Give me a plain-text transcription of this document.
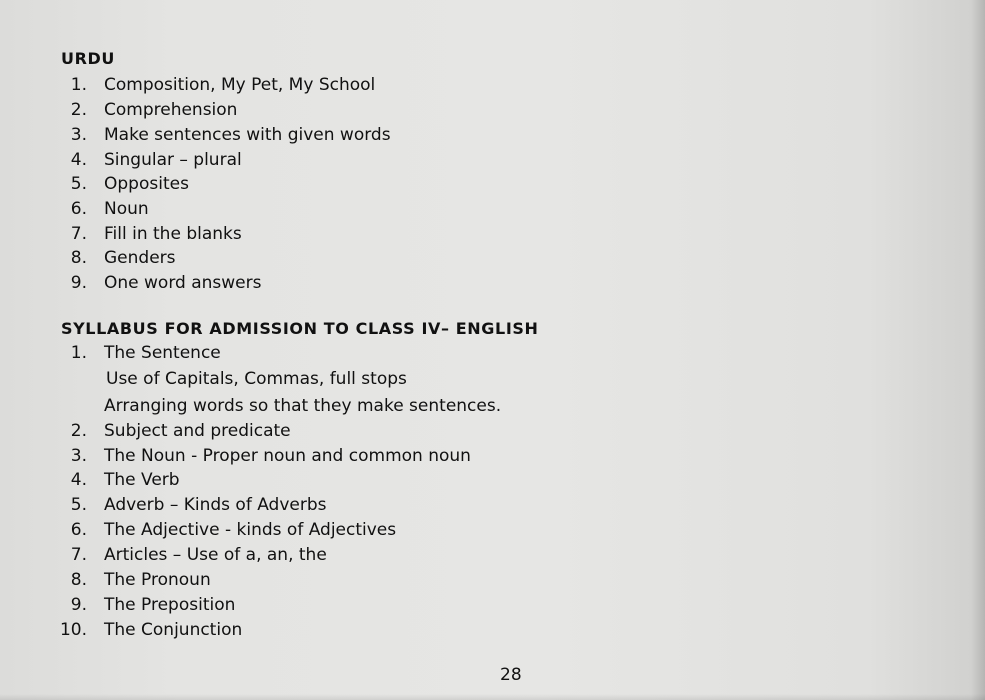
URDU
1. Composition, My Pet, My School
2. Comprehension
3. Make sentences with given words
4. Singular – plural
5. Opposites
6. Noun
7. Fill in the blanks
8. Genders
9. One word answers
SYLLABUS FOR ADMISSION TO CLASS IV– ENGLISH
1. The Sentence
Use of Capitals, Commas, full stops
Arranging words so that they make sentences.
2. Subject and predicate
3. The Noun - Proper noun and common noun
4. The Verb
5. Adverb – Kinds of Adverbs
6. The Adjective - kinds of Adjectives
7. Articles – Use of a, an, the
8. The Pronoun
9. The Preposition
10. The Conjunction
28
